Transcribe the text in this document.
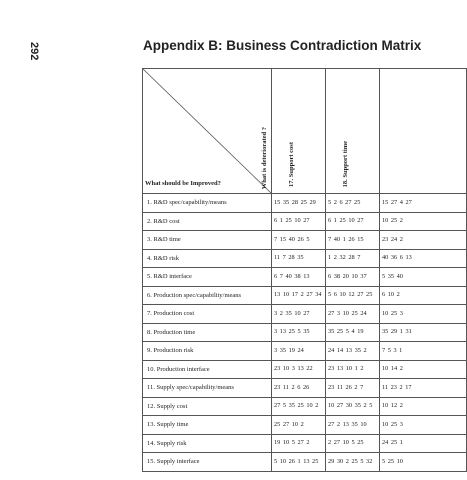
292	Appendix B: Business Contradiction Matrix
What should be Improved? What is deteriorated ?	17. Support cost	18. Support time	

1. R&D spec/capability/means	15 35 28 25 29	5 2 6 27 25	15 27 4 27
2. R&D cost	6 1 25 10 27	6 1 25 10 27	10 25 2
3. R&D time	7 15 40 26 5	7 40 1 26 15	23 24 2
4. R&D risk	11 7 28 35	1 2 32 28 7	40 36 6 13
5. R&D interface	6 7 40 38 13	6 38 20 10 37	5 35 40
6. Production spec/capability/means	13 10 17 2 27 34	5 6 10 12 27 25	6 10 2
7. Production cost	3 2 35 10 27	27 3 10 25 24	10 25 3
8. Production time	3 13 25 5 35	35 25 5 4 19	35 29 1 31
9. Production risk	3 35 19 24	24 14 13 35 2	7 5 3 1
10. Production interface	23 10 3 13 22	23 13 10 1 2	10 14 2
11. Supply spec/capability/means	23 11 2 6 26	23 11 26 2 7	11 23 2 17
12. Supply cost	27 5 35 25 10 2	10 27 30 35 2 5	10 12 2
13. Supply time	25 27 10 2	27 2 13 35 10	10 25 3
14. Supply risk	19 10 5 27 2	2 27 10 5 25	24 25 1
15. Supply interface	5 10 26 1 13 25	29 30 2 25 5 32	5 25 10
